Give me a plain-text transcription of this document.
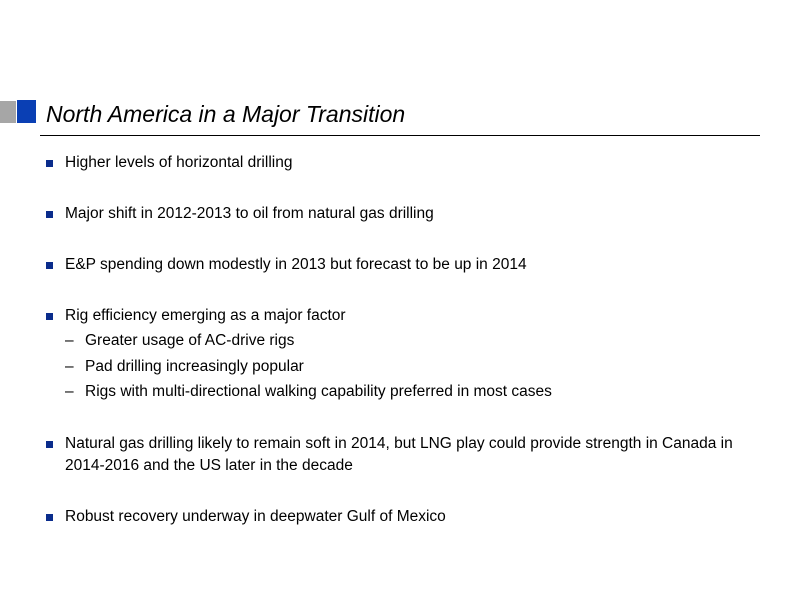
North America in a Major Transition
Higher levels of horizontal drilling
Major shift in 2012-2013 to oil from natural gas drilling
E&P spending down modestly in 2013 but forecast to be up in 2014
Rig efficiency emerging as a major factor
– Greater usage of AC-drive rigs
– Pad drilling increasingly popular
– Rigs with multi-directional walking capability preferred in most cases
Natural gas drilling likely to remain soft in 2014, but LNG play could provide strength in Canada in 2014-2016 and the US later in the decade
Robust recovery underway in deepwater Gulf of Mexico
